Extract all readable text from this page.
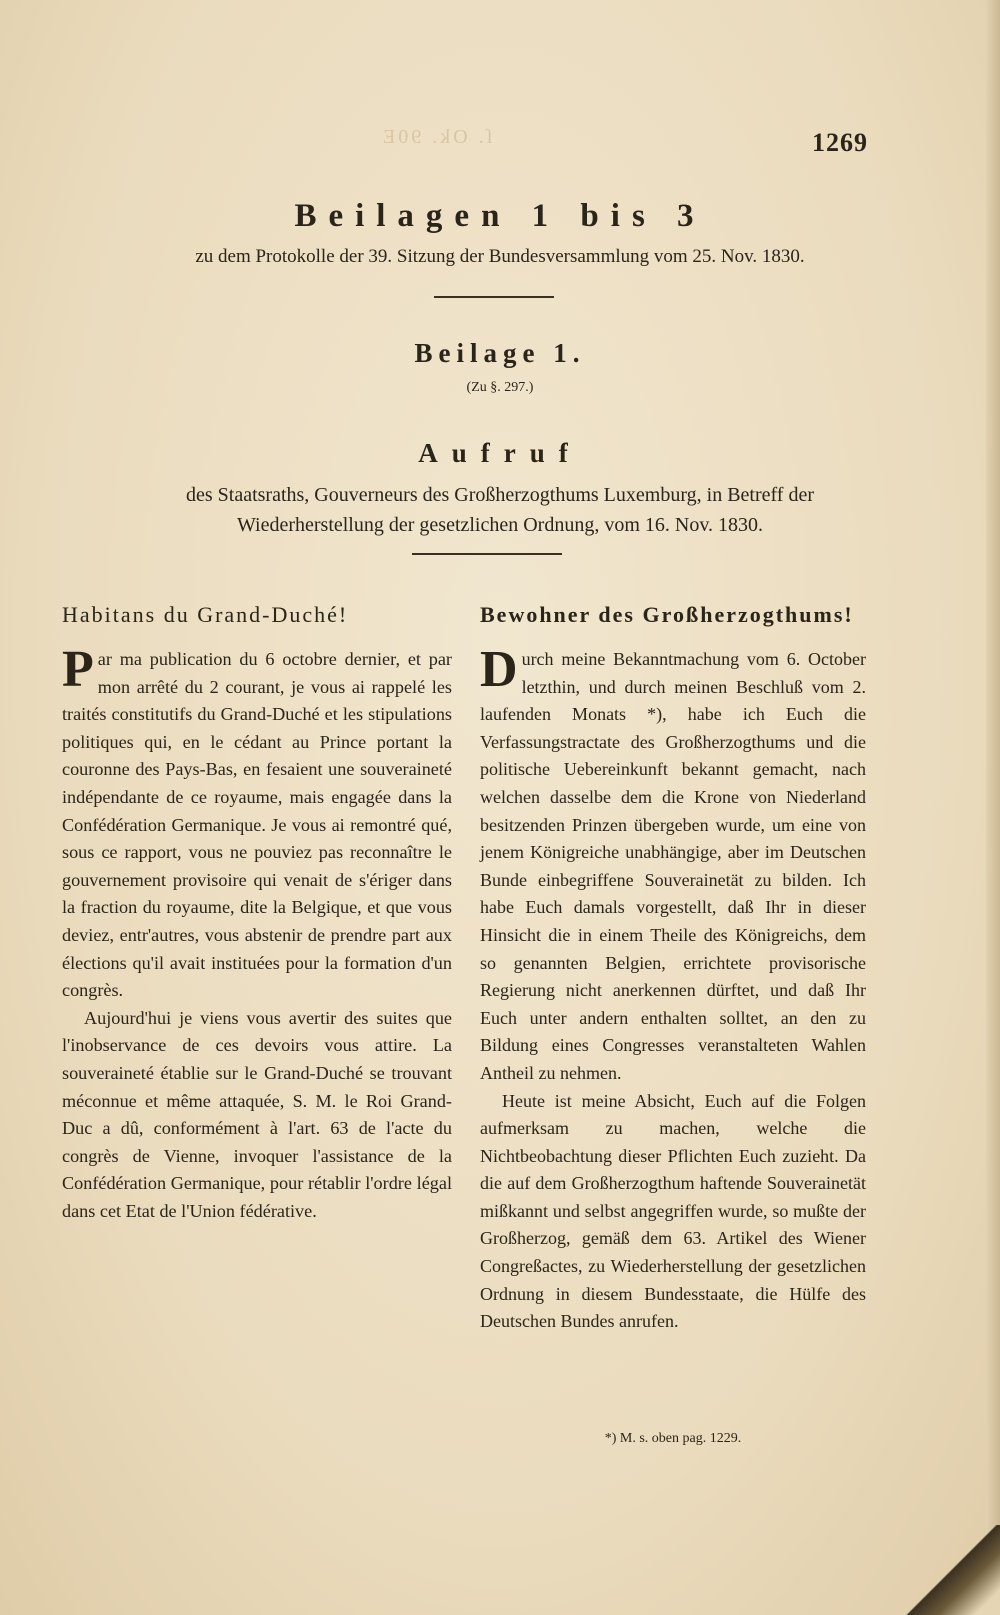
ſ. Ok. 90E	1269
Beilagen 1 bis 3
zu dem Protokolle der 39. Sitzung der Bundesversammlung vom 25. Nov. 1830.
Beilage 1.
(Zu §. 297.)
Aufruf
des Staatsraths, Gouverneurs des Großherzogthums Luxemburg, in Betreff der Wiederherstellung der gesetzlichen Ordnung, vom 16. Nov. 1830.
Habitans du Grand-Duché!

Par ma publication du 6 octobre dernier, et par mon arrêté du 2 courant, je vous ai rappelé les traités constitutifs du Grand-Duché et les stipulations politiques qui, en le cédant au Prince portant la couronne des Pays-Bas, en fesaient une souveraineté indépendante de ce royaume, mais engagée dans la Confédération Germanique. Je vous ai remontré qué, sous ce rapport, vous ne pouviez pas reconnaître le gouvernement provisoire qui venait de s'ériger dans la fraction du royaume, dite la Belgique, et que vous deviez, entr'autres, vous abstenir de prendre part aux élections qu'il avait instituées pour la formation d'un congrès.

Aujourd'hui je viens vous avertir des suites que l'inobservance de ces devoirs vous attire. La souveraineté établie sur le Grand-Duché se trouvant méconnue et même attaquée, S. M. le Roi Grand-Duc a dû, conformément à l'art. 63 de l'acte du congrès de Vienne, invoquer l'assistance de la Confédération Germanique, pour rétablir l'ordre légal dans cet Etat de l'Union fédérative.

Bewohner des Großherzogthums!

Durch meine Bekanntmachung vom 6. October letzthin, und durch meinen Beschluß vom 2. laufenden Monats *), habe ich Euch die Verfassungstractate des Großherzogthums und die politische Uebereinkunft bekannt gemacht, nach welchen dasselbe dem die Krone von Niederland besitzenden Prinzen übergeben wurde, um eine von jenem Königreiche unabhängige, aber im Deutschen Bunde einbegriffene Souverainetät zu bilden. Ich habe Euch damals vorgestellt, daß Ihr in dieser Hinsicht die in einem Theile des Königreichs, dem so genannten Belgien, errichtete provisorische Regierung nicht anerkennen dürftet, und daß Ihr Euch unter andern enthalten solltet, an den zu Bildung eines Congresses veranstalteten Wahlen Antheil zu nehmen.

Heute ist meine Absicht, Euch auf die Folgen aufmerksam zu machen, welche die Nichtbeobachtung dieser Pflichten Euch zuzieht. Da die auf dem Großherzogthum haftende Souverainetät mißkannt und selbst angegriffen wurde, so mußte der Großherzog, gemäß dem 63. Artikel des Wiener Congreßactes, zu Wiederherstellung der gesetzlichen Ordnung in diesem Bundesstaate, die Hülfe des Deutschen Bundes anrufen.

*) M. s. oben pag. 1229.
